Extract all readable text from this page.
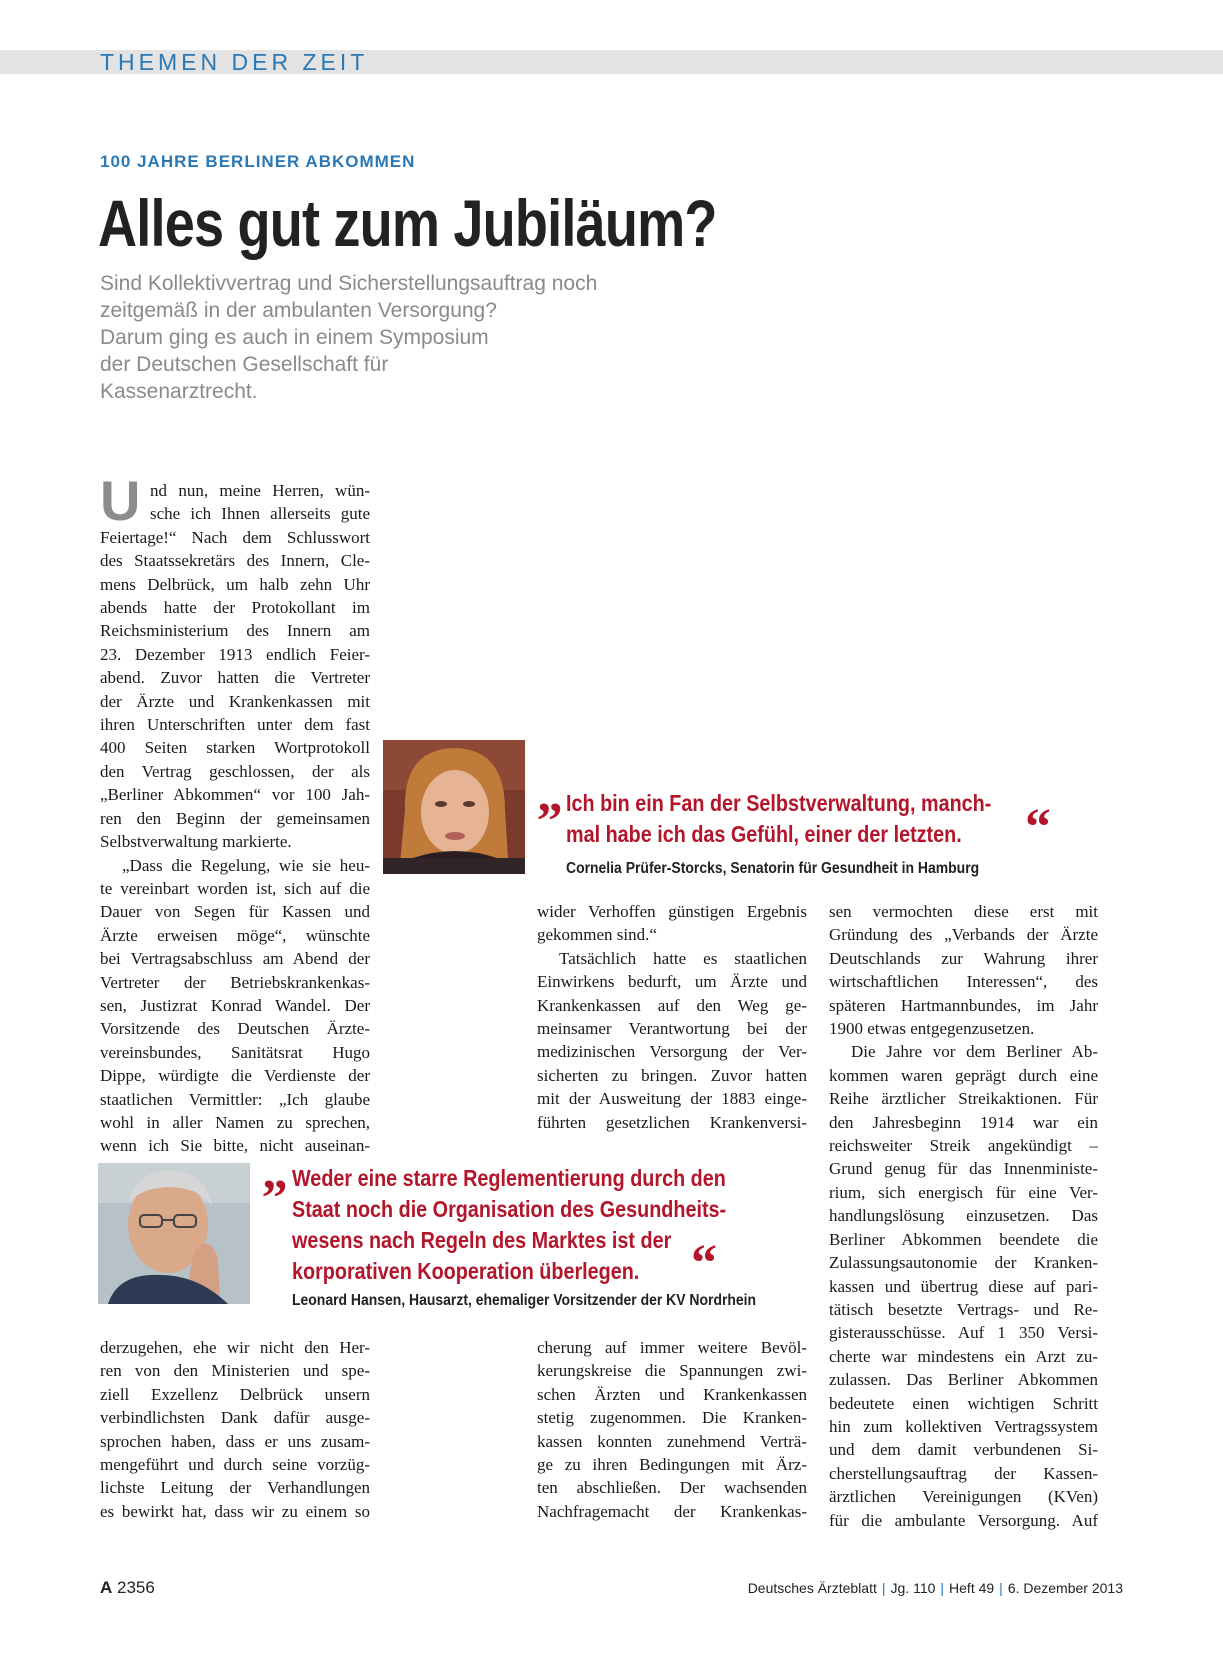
THEMEN DER ZEIT
100 JAHRE BERLINER ABKOMMEN
Alles gut zum Jubiläum?
Sind Kollektivvertrag und Sicherstellungsauftrag noch
zeitgemäß in der ambulanten Versorgung?
Darum ging es auch in einem Symposium
der Deutschen Gesellschaft für
Kassenarztrecht.
U nd nun, meine Herren, wün-
sche ich Ihnen allerseits gute
Feiertage!“ Nach dem Schlusswort
des Staatssekretärs des Innern, Cle-
mens Delbrück, um halb zehn Uhr
abends hatte der Protokollant im
Reichsministerium des Innern am
23. Dezember 1913 endlich Feier-
abend. Zuvor hatten die Vertreter
der Ärzte und Krankenkassen mit
ihren Unterschriften unter dem fast
400 Seiten starken Wortprotokoll
den Vertrag geschlossen, der als
„Berliner Abkommen“ vor 100 Jah-
ren den Beginn der gemeinsamen
Selbstverwaltung markierte.
„Dass die Regelung, wie sie heu-
te vereinbart worden ist, sich auf die
Dauer von Segen für Kassen und
Ärzte erweisen möge“, wünschte
bei Vertragsabschluss am Abend der
Vertreter der Betriebskrankenkas-
sen, Justizrat Konrad Wandel. Der
Vorsitzende des Deutschen Ärzte-
vereinsbundes, Sanitätsrat Hugo
Dippe, würdigte die Verdienste der
staatlichen Vermittler: „Ich glaube
wohl in aller Namen zu sprechen,
wenn ich Sie bitte, nicht auseinan-
„ Ich bin ein Fan der Selbstverwaltung, manch-
mal habe ich das Gefühl, einer der letzten.	“
Cornelia Prüfer-Storcks, Senatorin für Gesundheit in Hamburg
wider Verhoffen günstigen Ergebnis
gekommen sind.“
Tatsächlich hatte es staatlichen
Einwirkens bedurft, um Ärzte und
Krankenkassen auf den Weg ge-
meinsamer Verantwortung bei der
medizinischen Versorgung der Ver-
sicherten zu bringen. Zuvor hatten
mit der Ausweitung der 1883 einge-
führten gesetzlichen Krankenversi-
sen vermochten diese erst mit
Gründung des „Verbands der Ärzte
Deutschlands zur Wahrung ihrer
wirtschaftlichen Interessen“, des
späteren Hartmannbundes, im Jahr
1900 etwas entgegenzusetzen.
Die Jahre vor dem Berliner Ab-
kommen waren geprägt durch eine
Reihe ärztlicher Streikaktionen. Für
den Jahresbeginn 1914 war ein
reichsweiter Streik angekündigt –
Grund genug für das Innenministe-
rium, sich energisch für eine Ver-
handlungslösung einzusetzen. Das
Berliner Abkommen beendete die
Zulassungsautonomie der Kranken-
kassen und übertrug diese auf pari-
tätisch besetzte Vertrags- und Re-
gisterausschüsse. Auf 1 350 Versi-
cherte war mindestens ein Arzt zu-
zulassen. Das Berliner Abkommen
bedeutete einen wichtigen Schritt
hin zum kollektiven Vertragssystem
und dem damit verbundenen Si-
cherstellungsauftrag der Kassen-
ärztlichen Vereinigungen (KVen)
für die ambulante Versorgung. Auf
„ Weder eine starre Reglementierung durch den
Staat noch die Organisation des Gesundheits-
wesens nach Regeln des Marktes ist der
korporativen Kooperation überlegen. “
Leonard Hansen, Hausarzt, ehemaliger Vorsitzender der KV Nordrhein
derzugehen, ehe wir nicht den Her-
ren von den Ministerien und spe-
ziell Exzellenz Delbrück unsern
verbindlichsten Dank dafür ausge-
sprochen haben, dass er uns zusam-
mengeführt und durch seine vorzüg-
lichste Leitung der Verhandlungen
es bewirkt hat, dass wir zu einem so
cherung auf immer weitere Bevöl-
kerungskreise die Spannungen zwi-
schen Ärzten und Krankenkassen
stetig zugenommen. Die Kranken-
kassen konnten zunehmend Verträ-
ge zu ihren Bedingungen mit Ärz-
ten abschließen. Der wachsenden
Nachfragemacht der Krankenkas-
A 2356	Deutsches Ärzteblatt | Jg. 110 | Heft 49 | 6. Dezember 2013
